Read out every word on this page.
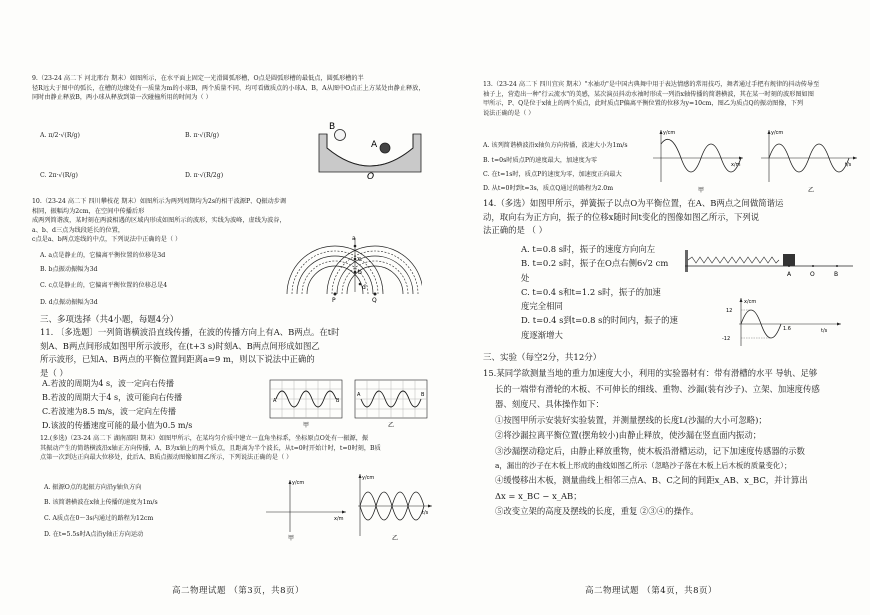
9.（23-24 高二下 河北邢台 期末）如图所示，在水平面上固定一光滑圆弧形槽，O点是圆弧形槽的最低点，圆弧形槽的半

径R远大于图中的弧长，在槽的边缘处有一质量为m的小球B，两个质量不同、均可看做质点的小球A、B，A从图中O点正上方某处由静止释放，

同时由静止释放B，两小球从释放到第一次碰撞所用的时间为（ ）

A. π/2·√(R/g)	B. π·√(R/g)
C. 2π·√(R/g)	D. π·√(R/2g)
B
A
O

10.（23-24 高二下 四川攀枝花 期末）如图所示为两列周期均为2s的相干波源P、Q振动步调相同，振幅均为2cm，在空间中传播后形

成两列简谐波，某时刻在两波相遇的区域内形成如图所示的波形，实线为波峰，虚线为波谷，a、b、d三点为线段延长的位置，

c点是a、b两点连线的中点，下列说法中正确的是（ ）

A. a点是静止的，它偏离平衡位置的位移是3d
B. b点振动振幅为3d
C. c点是静止的，它偏离平衡位置的位移总是4
D. d点振动振幅为3d
a
c
b
d
P	Q
三、多项选择（共4小题，每题4分）

11. 〔多选题〕一列简谐横波沿直线传播，在波的传播方向上有A、B两点。在t时

刻A、B两点间形成如图甲所示波形，在(t+3 s)时刻A、B两点间形成如图乙

所示波形，已知A、B两点的平衡位置间距离a=9 m，则以下说法中正确的

是（ ）

A.若波的周期为4 s，波一定向右传播
B.若波的周期大于4 s，波可能向右传播
C.若波速为8.5 m/s，波一定向左传播
D.该波的传播速度可能的最小值为0.5 m/s
A	B
甲
A	B
乙

12.(多选)（23-24 高二下 湖南邵阳 期末）如图甲所示，在某均匀介质中建立一直角坐标系，坐标原点O处有一振源，振

其振动产生的简谐横波沿x轴正方向传播，A、B为x轴上的两个质点，且距离为半个波长，从t=0时开始计时，t=0时刻，B质

点第一次到达正向最大位移处，此后A、B质点振动图像如图乙所示，下列说法正确的是（ ）

A. 振源O点的起振方向沿y轴负方向
B. 该简谐横波在x轴上传播的速度为1m/s
C. A质点在0～3s内通过的路程为12cm
D. 在t=5.5s时A点沿y轴正方向运动
y/cm
x/m
甲
y/cm
t/s
乙
高二物理试题 （第3页，共8页）

13.（23-24 高二下 四川宜宾 期末）"水袖功"是中国古典舞中用于表达情感的常用技巧，舞者通过手把有规律的抖动传导至

袖子上，营造出一种"行云流水"的美感，某次演员抖动水袖时形成一列沿x轴传播的简谐横波，其在某一时刻的波形图如图

甲所示，P、Q是位于x轴上的两个质点，此时质点P偏离平衡位置的位移为y=10cm，图乙为质点Q的振动图像，下列

说法正确的是（ ）

A. 该列简谐横波沿x轴负方向传播，波速大小为1m/s
B. t=0s时质点P的速度最大，加速度为零
C. 在t=1s时，质点P的速度为零，加速度正向最大
D. 从t=0时到t=3s，质点Q通过的路程为2.0m
y/cm
x/m
甲
y/cm
t/s
乙

14.（多选）如图甲所示，弹簧振子以点O为平衡位置，在A、B两点之间做简谐运

动，取向右为正方向，振子的位移x随时间t变化的图像如图乙所示，下列说

法正确的是 （ ）

A. t=0.8 s时，振子的速度方向向左

B. t=0.2 s时，振子在O点右侧6√2 cm

处

C. t=0.4 s和t=1.2 s时，振子的加速

度完全相同

D. t=0.4 s到t=0.8 s的时间内，振子的速

度逐渐增大

A	O	B
x/cm
12
-12
1.6	t/s
三、实验（每空2分，共12分）

15.某同学欲测量当地的重力加速度大小，利用的实验器材有：带有滑槽的水平 导轨、足够

长的一端带有滑轮的木板、不可伸长的细线、重物、沙漏(装有沙子)、立架、加速度传感

器、刻度尺、具体操作如下：

①按图甲所示安装好实验装置，并测量摆线的长度L(沙漏的大小可忽略)；

②将沙漏拉离平衡位置(摆角较小)由静止释放，使沙漏在竖直面内振动；

③沙漏摆动稳定后，由静止释放重物，使木板沿滑槽运动，记下加速度传感器的示数

a，漏出的沙子在木板上形成的曲线如图乙所示（忽略沙子落在木板上后木板的质量变化）；

④缓慢移出木板，测量曲线上相邻三点A、B、C之间的间距x_AB、x_BC，并计算出

Δx = x_BC − x_AB；

⑤改变立架的高度及摆线的长度，重复 ②③④的操作。

高二物理试题 （第4页，共8页）
